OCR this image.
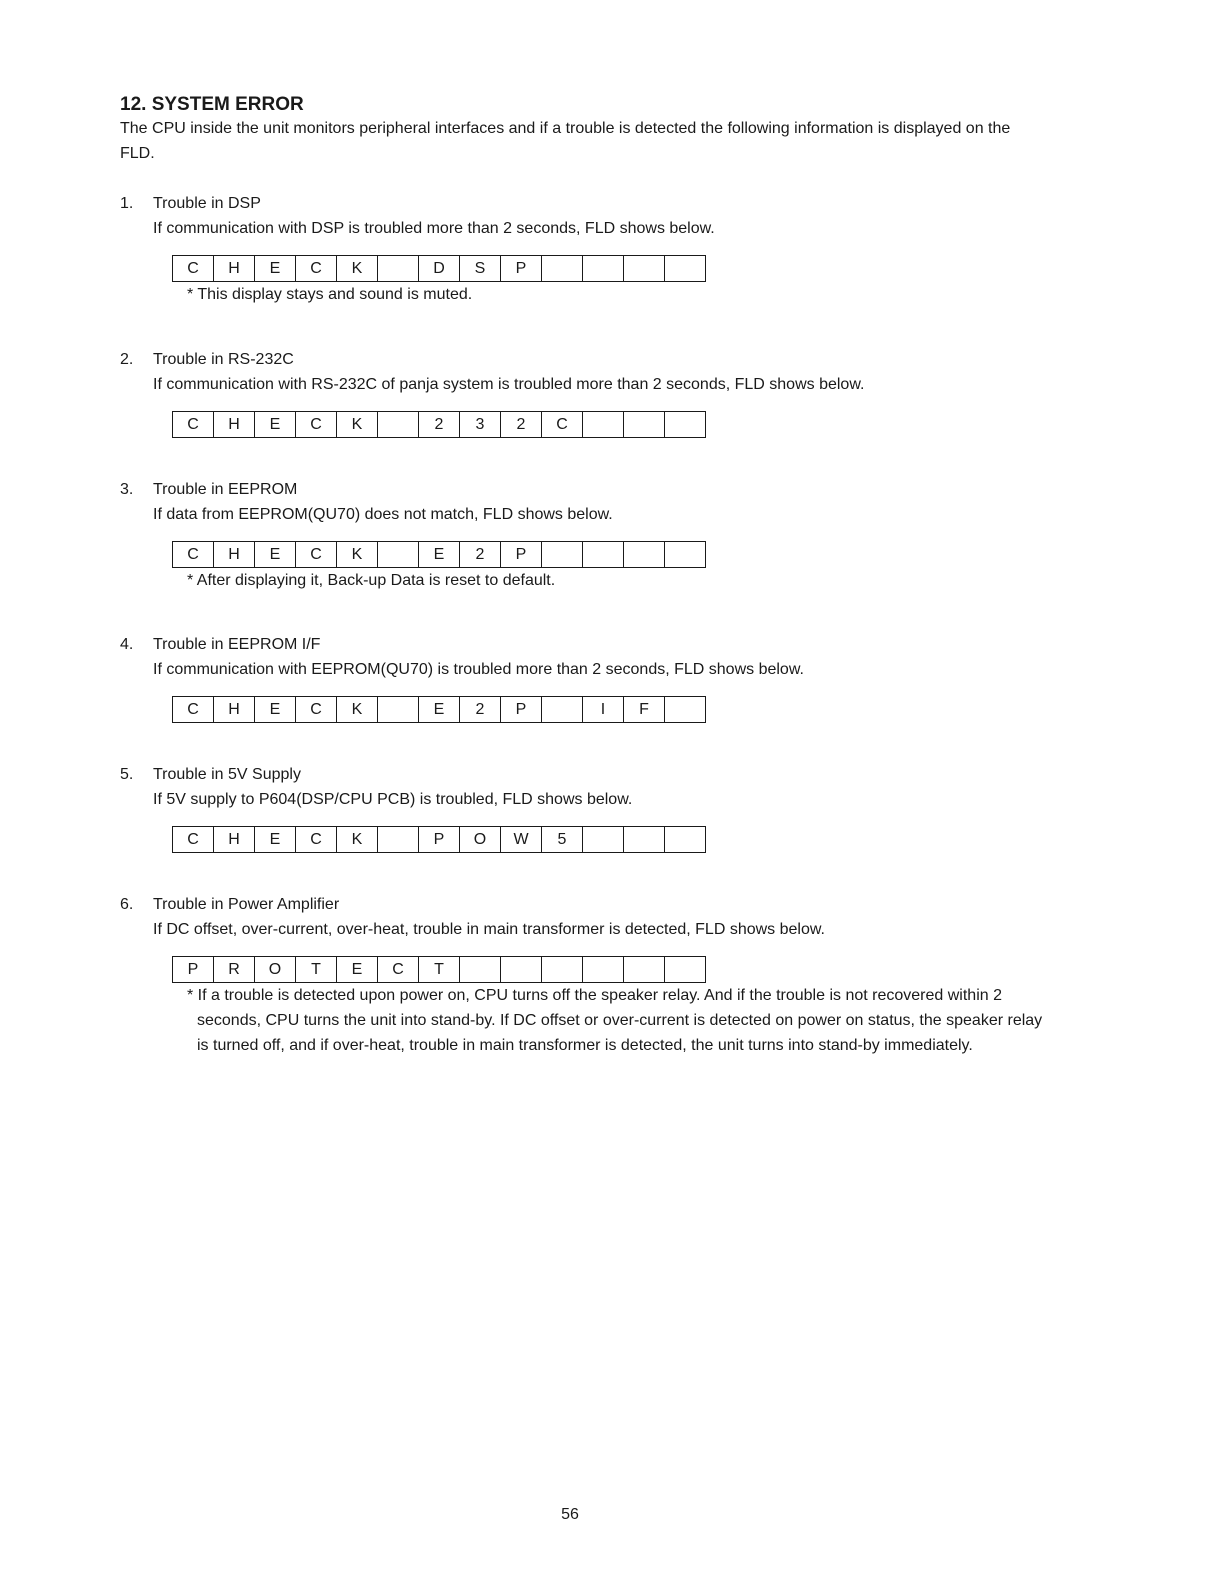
12. SYSTEM ERROR

The CPU inside the unit monitors peripheral interfaces and if a trouble is detected the following information is displayed on the FLD.

1. Trouble in DSP
If communication with DSP is troubled more than 2 seconds, FLD shows below.
C	H	E	C	K	D	S	P
* This display stays and sound is muted.
2. Trouble in RS-232C
If communication with RS-232C of panja system is troubled more than 2 seconds, FLD shows below.
C	H	E	C	K	2	3	2	C
3. Trouble in EEPROM
If data from EEPROM(QU70) does not match, FLD shows below.
C	H	E	C	K	E	2	P
* After displaying it, Back-up Data is reset to default.
4. Trouble in EEPROM I/F
If communication with EEPROM(QU70) is troubled more than 2 seconds, FLD shows below.
C	H	E	C	K	E	2	P	I	F
5. Trouble in 5V Supply
If 5V supply to P604(DSP/CPU PCB) is troubled, FLD shows below.
C	H	E	C	K	P	O	W	5
6. Trouble in Power Amplifier
If DC offset, over-current, over-heat, trouble in main transformer is detected, FLD shows below.
P	R	O	T	E	C	T
* If a trouble is detected upon power on, CPU turns off the speaker relay. And if the trouble is not recovered within 2 seconds, CPU turns the unit into stand-by. If DC offset or over-current is detected on power on status, the speaker relay is turned off, and if over-heat, trouble in main transformer is detected, the unit turns into stand-by immediately.
56
